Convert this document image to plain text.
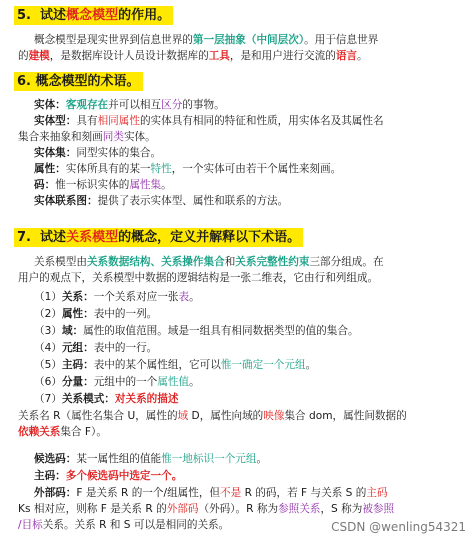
5. 试述概念模型的作用。
概念模型是现实世界到信息世界的第一层抽象（中间层次）。用于信息世界
的建模，是数据库设计人员设计数据库的工具，是和用户进行交流的语言。
6. 概念模型的术语。
实体：客观存在并可以相互区分的事物。
实体型：具有相同属性的实体具有相同的特征和性质，用实体名及其属性名
集合来抽象和刻画同类实体。
实体集：同型实体的集合。
属性：实体所具有的某一特性，一个实体可由若干个属性来刻画。
码：惟一标识实体的属性集。
实体联系图：提供了表示实体型、属性和联系的方法。
7. 试述关系模型的概念，定义并解释以下术语。
关系模型由关系数据结构、关系操作集合和关系完整性约束三部分组成。在
用户的观点下，关系模型中数据的逻辑结构是一张二维表，它由行和列组成。
（1）关系：一个关系对应一张表。
（2）属性：表中的一列。
（3）域：属性的取值范围。域是一组具有相同数据类型的值的集合。
（4）元组：表中的一行。
（5）主码：表中的某个属性组，它可以惟一确定一个元组。
（6）分量：元组中的一个属性值。
（7）关系模式：对关系的描述
关系名 R（属性名集合 U，属性的域 D，属性向域的映像集合 dom，属性间数据的
依赖关系集合 F）。
候选码：某一属性组的值能惟一地标识一个元组。
主码：多个候选码中选定一个。
外部码：F 是关系 R 的一个/组属性，但不是 R 的码，若 F 与关系 S 的主码
Ks 相对应，则称 F 是关系 R 的外部码（外码）。R 称为参照关系，S 称为被参照
/目标关系。关系 R 和 S 可以是相同的关系。	CSDN @wenling54321
